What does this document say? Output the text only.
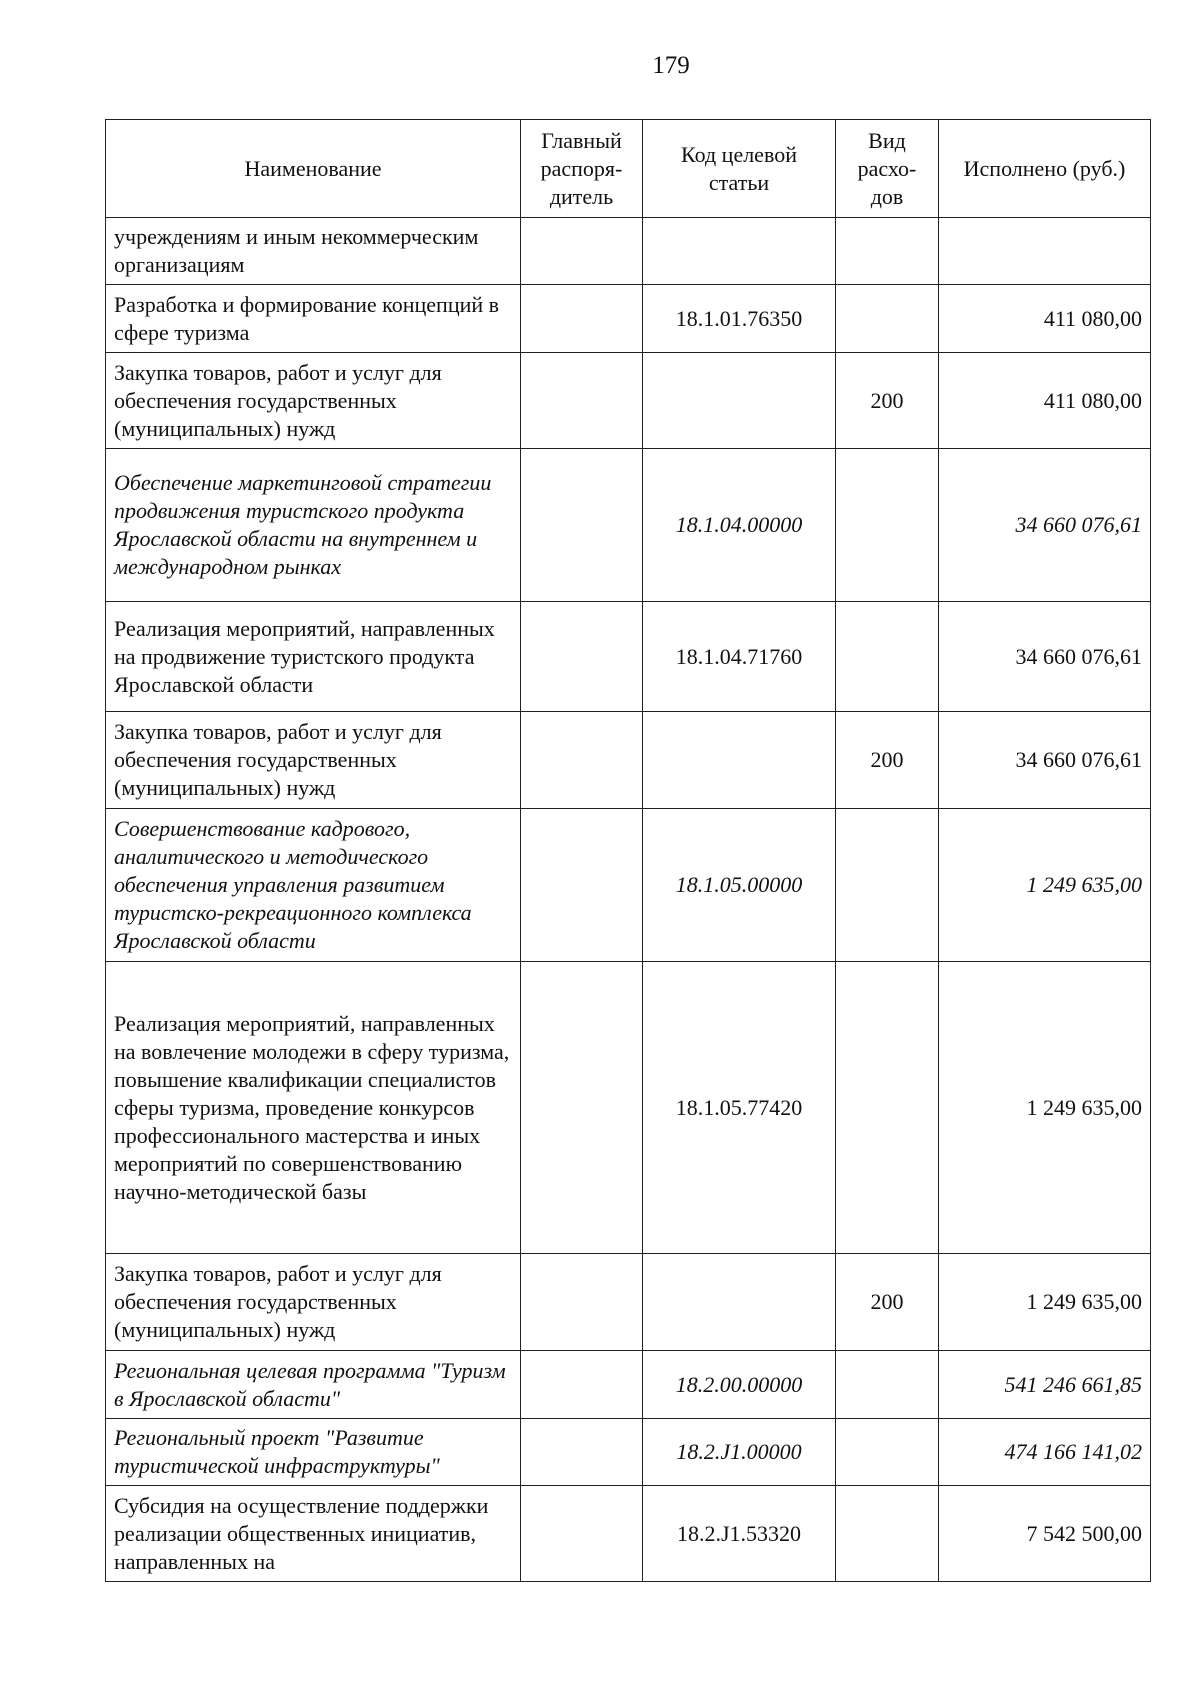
179
Наименование	Главный распоря-дитель	Код целевой статьи	Вид расхо-дов	Исполнено (руб.)
учреждениям и иным некоммерческим организациям				
Разработка и формирование концепций в сфере туризма		18.1.01.76350		411 080,00
Закупка товаров, работ и услуг для обеспечения государственных (муниципальных) нужд			200	411 080,00
Обеспечение маркетинговой стратегии продвижения туристского продукта Ярославской области на внутреннем и международном рынках		18.1.04.00000		34 660 076,61
Реализация мероприятий, направленных на продвижение туристского продукта Ярославской области		18.1.04.71760		34 660 076,61
Закупка товаров, работ и услуг для обеспечения государственных (муниципальных) нужд			200	34 660 076,61
Совершенствование кадрового, аналитического и методического обеспечения управления развитием туристско-рекреационного комплекса Ярославской области		18.1.05.00000		1 249 635,00
Реализация мероприятий, направленных на вовлечение молодежи в сферу туризма, повышение квалификации специалистов сферы туризма, проведение конкурсов профессионального мастерства и иных мероприятий по совершенствованию научно-методической базы		18.1.05.77420		1 249 635,00
Закупка товаров, работ и услуг для обеспечения государственных (муниципальных) нужд			200	1 249 635,00
Региональная целевая программа "Туризм в Ярославской области"		18.2.00.00000		541 246 661,85
Региональный проект "Развитие туристической инфраструктуры"		18.2.J1.00000		474 166 141,02
Субсидия на осуществление поддержки реализации общественных инициатив, направленных на		18.2.J1.53320		7 542 500,00
